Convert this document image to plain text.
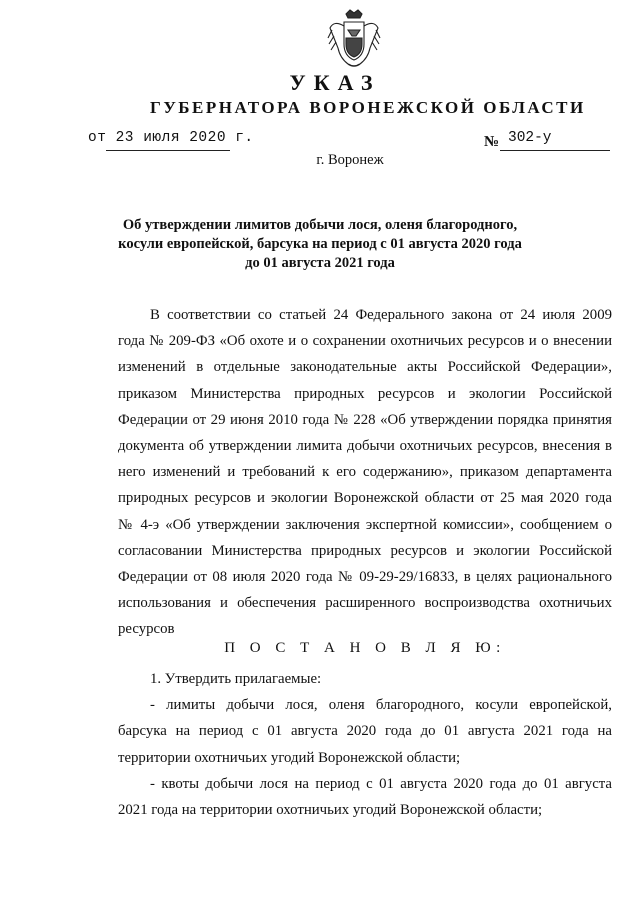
УКАЗ
ГУБЕРНАТОРА ВОРОНЕЖСКОЙ ОБЛАСТИ
от 23 июля 2020 г.	№ 302-у
г. Воронеж
Об утверждении лимитов добычи лося, оленя благородного,
косули европейской, барсука на период с 01 августа 2020 года
до 01 августа 2021 года
В соответствии со статьей 24 Федерального закона от 24 июля 2009
года № 209-ФЗ «Об охоте и о сохранении охотничьих ресурсов и о внесении
изменений в отдельные законодательные акты Российской Федерации»,
приказом Министерства природных ресурсов и экологии Российской
Федерации от 29 июня 2010 года № 228 «Об утверждении порядка принятия
документа об утверждении лимита добычи охотничьих ресурсов, внесения в
него изменений и требований к его содержанию», приказом департамента
природных ресурсов и экологии Воронежской области от 25 мая 2020 года
№ 4-э «Об утверждении заключения экспертной комиссии», сообщением о
согласовании Министерства природных ресурсов и экологии Российской
Федерации от 08 июля 2020 года № 09-29-29/16833, в целях рационального
использования и обеспечения расширенного воспроизводства охотничьих
ресурсов
П О С Т А Н О В Л Я Ю:
1. Утвердить прилагаемые:
- лимиты добычи лося, оленя благородного, косули европейской,
барсука на период с 01 августа 2020 года до 01 августа 2021 года на
территории охотничьих угодий Воронежской области;
- квоты добычи лося на период с 01 августа 2020 года до 01 августа
2021 года на территории охотничьих угодий Воронежской области;
